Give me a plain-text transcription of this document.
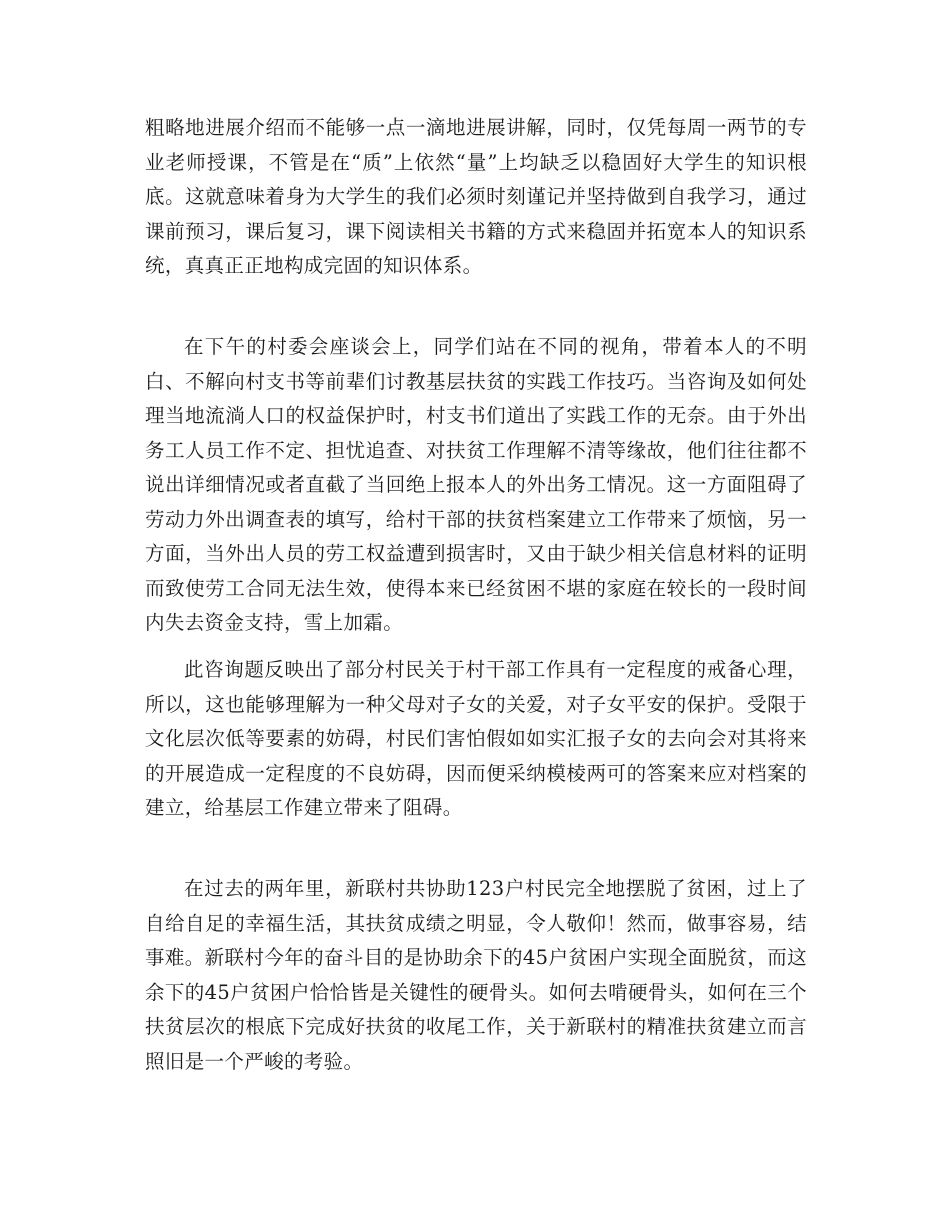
粗略地进展介绍而不能够一点一滴地进展讲解，同时，仅凭每周一两节的专业老师授课，不管是在“质”上依然“量”上均缺乏以稳固好大学生的知识根底。这就意味着身为大学生的我们必须时刻谨记并坚持做到自我学习，通过课前预习，课后复习，课下阅读相关书籍的方式来稳固并拓宽本人的知识系统，真真正正地构成完固的知识体系。

在下午的村委会座谈会上，同学们站在不同的视角，带着本人的不明白、不解向村支书等前辈们讨教基层扶贫的实践工作技巧。当咨询及如何处理当地流淌人口的权益保护时，村支书们道出了实践工作的无奈。由于外出务工人员工作不定、担忧追查、对扶贫工作理解不清等缘故，他们往往都不说出详细情况或者直截了当回绝上报本人的外出务工情况。这一方面阻碍了劳动力外出调查表的填写，给村干部的扶贫档案建立工作带来了烦恼，另一方面，当外出人员的劳工权益遭到损害时，又由于缺少相关信息材料的证明而致使劳工合同无法生效，使得本来已经贫困不堪的家庭在较长的一段时间内失去资金支持，雪上加霜。

此咨询题反映出了部分村民关于村干部工作具有一定程度的戒备心理，所以，这也能够理解为一种父母对子女的关爱，对子女平安的保护。受限于文化层次低等要素的妨碍，村民们害怕假如如实汇报子女的去向会对其将来的开展造成一定程度的不良妨碍，因而便采纳模棱两可的答案来应对档案的建立，给基层工作建立带来了阻碍。

在过去的两年里，新联村共协助123户村民完全地摆脱了贫困，过上了自给自足的幸福生活，其扶贫成绩之明显，令人敬仰！然而，做事容易，结事难。新联村今年的奋斗目的是协助余下的45户贫困户实现全面脱贫，而这余下的45户贫困户恰恰皆是关键性的硬骨头。如何去啃硬骨头，如何在三个扶贫层次的根底下完成好扶贫的收尾工作，关于新联村的精准扶贫建立而言照旧是一个严峻的考验。
